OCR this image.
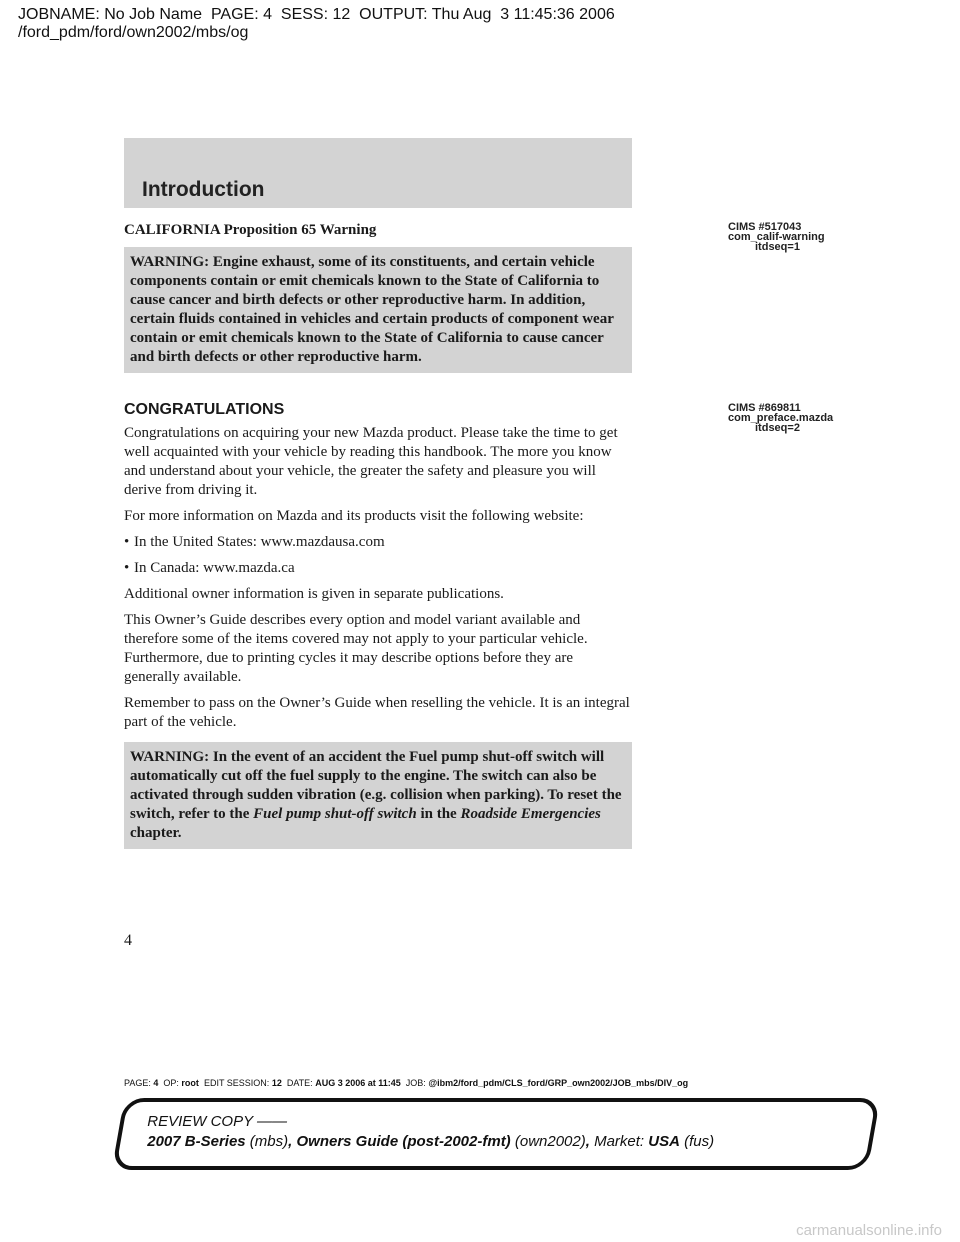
JOBNAME: No Job Name  PAGE: 4  SESS: 12  OUTPUT: Thu Aug  3 11:45:36 2006
/ford_pdm/ford/own2002/mbs/og
Introduction
CIMS #517043
com_calif-warning
itdseq=1
CIMS #869811
com_preface.mazda
itdseq=2
CALIFORNIA Proposition 65 Warning
WARNING: Engine exhaust, some of its constituents, and certain vehicle components contain or emit chemicals known to the State of California to cause cancer and birth defects or other reproductive harm. In addition, certain fluids contained in vehicles and certain products of component wear contain or emit chemicals known to the State of California to cause cancer and birth defects or other reproductive harm.
CONGRATULATIONS

Congratulations on acquiring your new Mazda product. Please take the time to get well acquainted with your vehicle by reading this handbook. The more you know and understand about your vehicle, the greater the safety and pleasure you will derive from driving it.

For more information on Mazda and its products visit the following website:

• In the United States: www.mazdausa.com

• In Canada: www.mazda.ca

Additional owner information is given in separate publications.

This Owner’s Guide describes every option and model variant available and therefore some of the items covered may not apply to your particular vehicle. Furthermore, due to printing cycles it may describe options before they are generally available.

Remember to pass on the Owner’s Guide when reselling the vehicle. It is an integral part of the vehicle.

WARNING: In the event of an accident the Fuel pump shut-off switch will automatically cut off the fuel supply to the engine. The switch can also be activated through sudden vibration (e.g. collision when parking). To reset the switch, refer to the Fuel pump shut-off switch in the Roadside Emergencies chapter.
4
PAGE: 4 OP: root EDIT SESSION: 12 DATE: AUG 3 2006 at 11:45 JOB: @ibm2/ford_pdm/CLS_ford/GRP_own2002/JOB_mbs/DIV_og
REVIEW COPY ——
2007 B-Series (mbs), Owners Guide (post-2002-fmt) (own2002), Market: USA (fus)
carmanualsonline.info
